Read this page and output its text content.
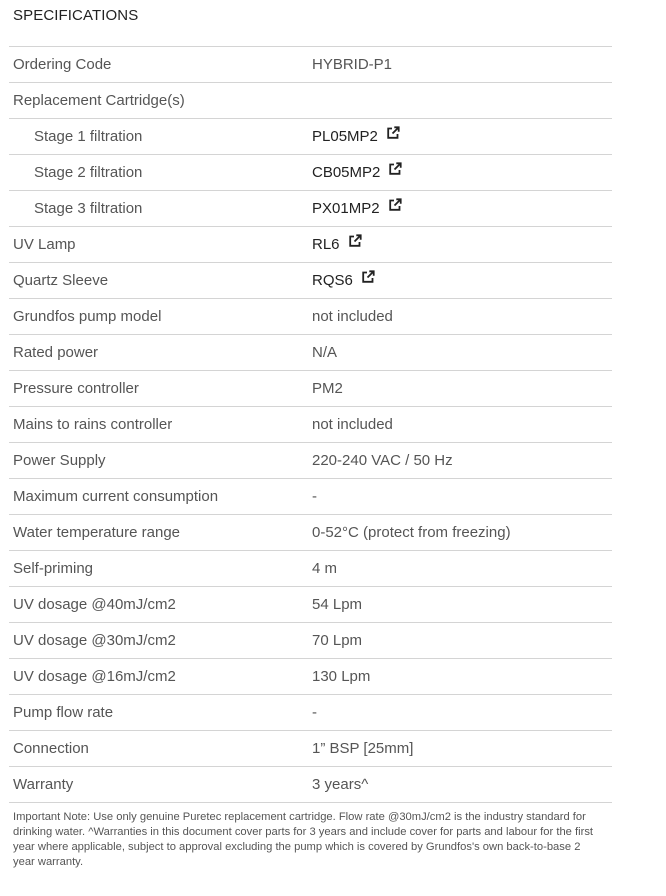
SPECIFICATIONS
Ordering Code	HYBRID-P1
Replacement Cartridge(s)
Stage 1 filtration	PL05MP2
Stage 2 filtration	CB05MP2
Stage 3 filtration	PX01MP2
UV Lamp	RL6
Quartz Sleeve	RQS6
Grundfos pump model	not included
Rated power	N/A
Pressure controller	PM2
Mains to rains controller	not included
Power Supply	220-240 VAC / 50 Hz
Maximum current consumption	-
Water temperature range	0-52°C (protect from freezing)
Self-priming	4 m
UV dosage @40mJ/cm2	54 Lpm
UV dosage @30mJ/cm2	70 Lpm
UV dosage @16mJ/cm2	130 Lpm
Pump flow rate	-
Connection	1” BSP [25mm]
Warranty	3 years^

Important Note: Use only genuine Puretec replacement cartridge. Flow rate @30mJ/cm2 is the industry standard for drinking water. ^Warranties in this document cover parts for 3 years and include cover for parts and labour for the first year where applicable, subject to approval excluding the pump which is covered by Grundfos's own back-to-base 2 year warranty.
